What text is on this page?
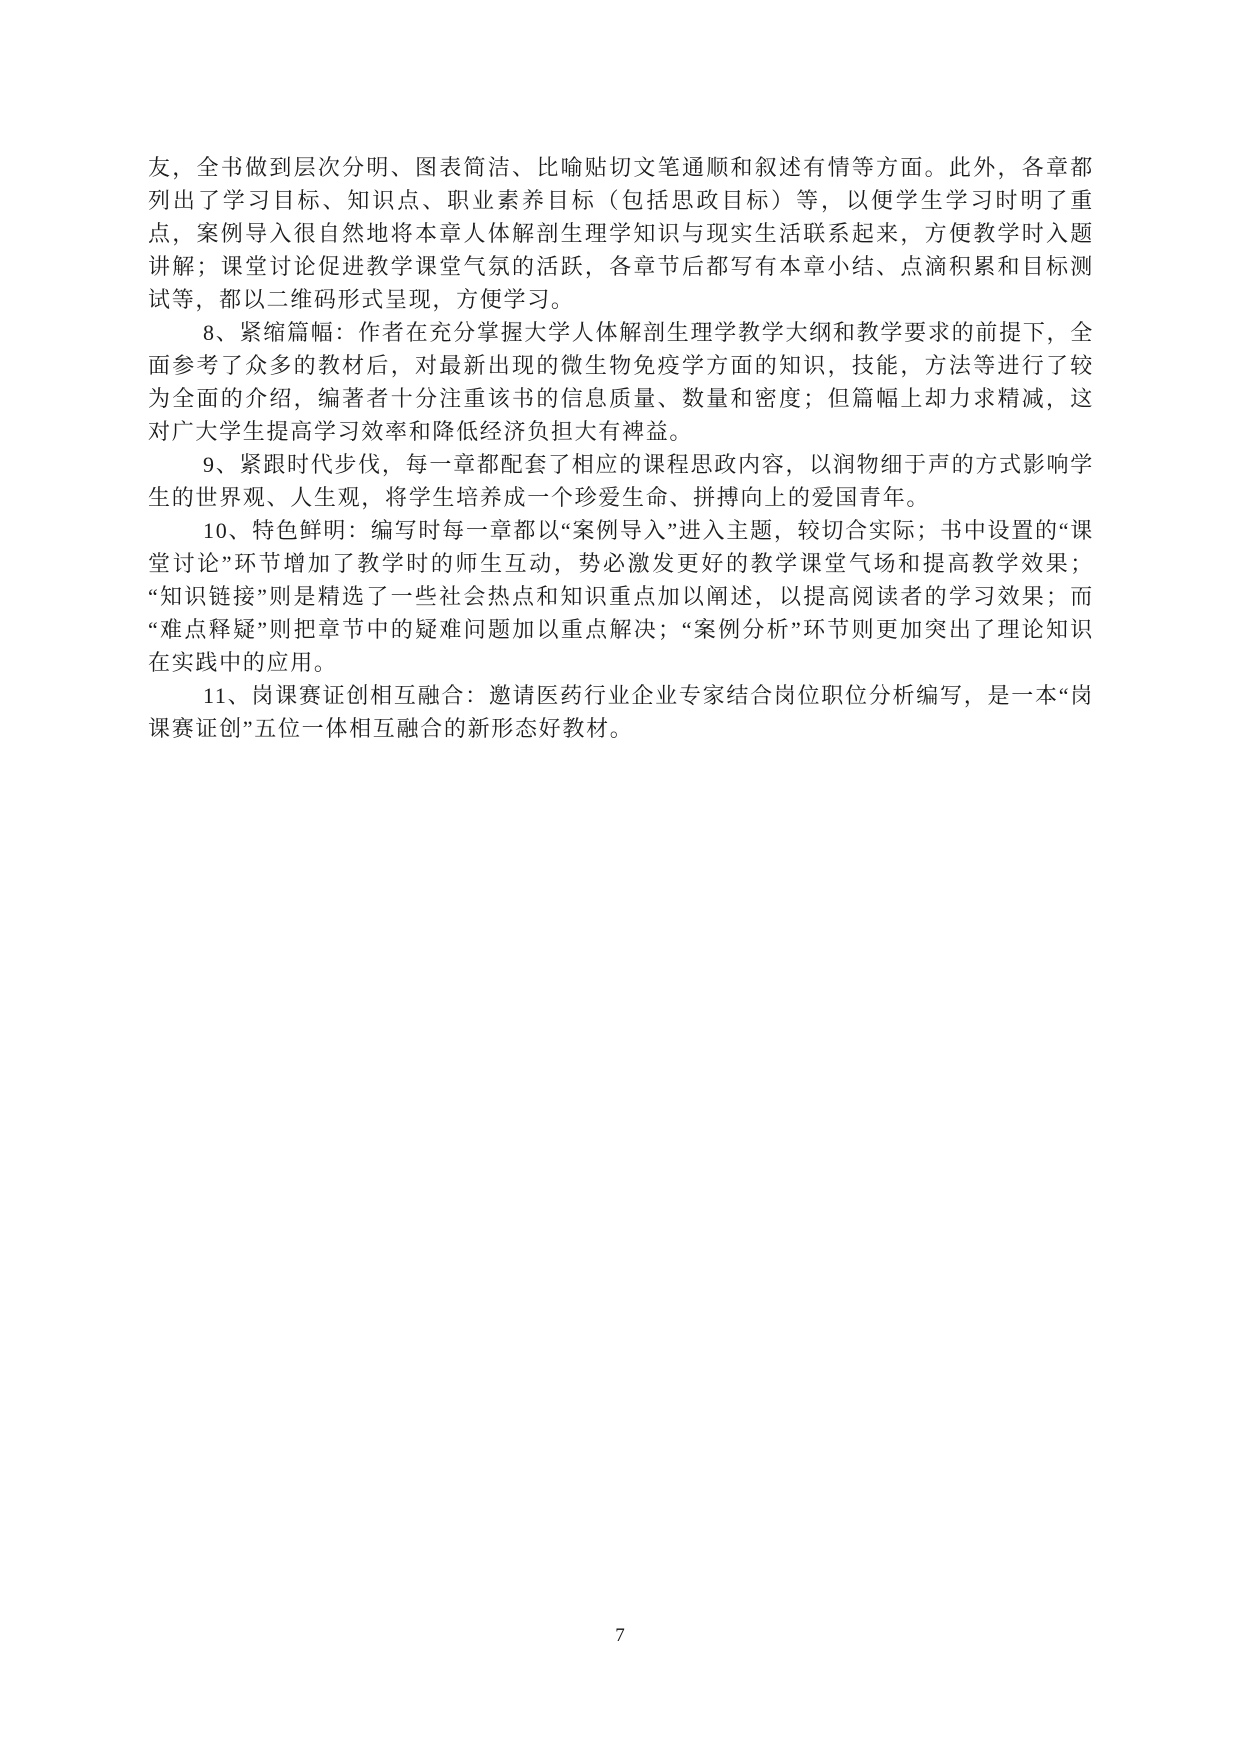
友，全书做到层次分明、图表简洁、比喻贴切文笔通顺和叙述有情等方面。此外，各章都列出了学习目标、知识点、职业素养目标（包括思政目标）等，以便学生学习时明了重点，案例导入很自然地将本章人体解剖生理学知识与现实生活联系起来，方便教学时入题讲解；课堂讨论促进教学课堂气氛的活跃，各章节后都写有本章小结、点滴积累和目标测试等，都以二维码形式呈现，方便学习。

8、紧缩篇幅：作者在充分掌握大学人体解剖生理学教学大纲和教学要求的前提下，全面参考了众多的教材后，对最新出现的微生物免疫学方面的知识，技能，方法等进行了较为全面的介绍，编著者十分注重该书的信息质量、数量和密度；但篇幅上却力求精减，这对广大学生提高学习效率和降低经济负担大有裨益。

9、紧跟时代步伐，每一章都配套了相应的课程思政内容，以润物细于声的方式影响学生的世界观、人生观，将学生培养成一个珍爱生命、拼搏向上的爱国青年。

10、特色鲜明：编写时每一章都以“案例导入”进入主题，较切合实际；书中设置的“课堂讨论”环节增加了教学时的师生互动，势必激发更好的教学课堂气场和提高教学效果；“知识链接”则是精选了一些社会热点和知识重点加以阐述，以提高阅读者的学习效果；而“难点释疑”则把章节中的疑难问题加以重点解决；“案例分析”环节则更加突出了理论知识在实践中的应用。

11、岗课赛证创相互融合：邀请医药行业企业专家结合岗位职位分析编写，是一本“岗课赛证创”五位一体相互融合的新形态好教材。

7
